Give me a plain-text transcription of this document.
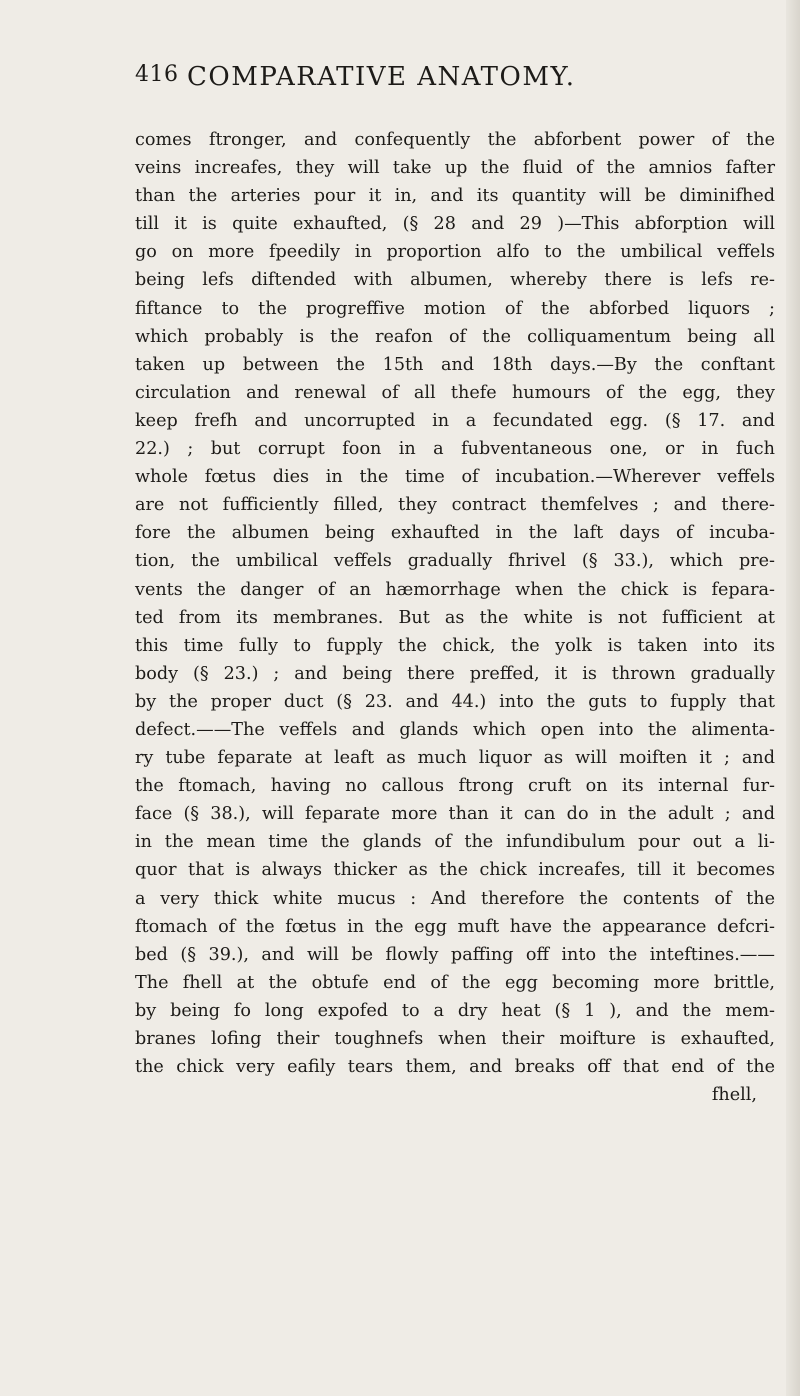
416 COMPARATIVE ANATOMY.
comes ftronger, and confequently the abforbent power of the
veins increafes, they will take up the fluid of the amnios fafter
than the arteries pour it in, and its quantity will be diminifhed
till it is quite exhaufted, (§ 28 and 29 )—This abforption will
go on more fpeedily in proportion alfo to the umbilical veffels
being lefs diftended with albumen, whereby there is lefs re-
fiftance to the progreffive motion of the abforbed liquors ;
which probably is the reafon of the colliquamentum being all
taken up between the 15th and 18th days.—By the conftant
circulation and renewal of all thefe humours of the egg, they
keep frefh and uncorrupted in a fecundated egg. (§ 17. and
22.) ; but corrupt foon in a fubventaneous one, or in fuch
whole fœtus dies in the time of incubation.—Wherever veffels
are not fufficiently filled, they contract themfelves ; and there-
fore the albumen being exhaufted in the laft days of incuba-
tion, the umbilical veffels gradually fhrivel (§ 33.), which pre-
vents the danger of an hæmorrhage when the chick is fepara-
ted from its membranes. But as the white is not fufficient at
this time fully to fupply the chick, the yolk is taken into its
body (§ 23.) ; and being there preffed, it is thrown gradually
by the proper duct (§ 23. and 44.) into the guts to fupply that
defect.——The veffels and glands which open into the alimenta-
ry tube feparate at leaft as much liquor as will moiften it ; and
the ftomach, having no callous ftrong cruft on its internal fur-
face (§ 38.), will feparate more than it can do in the adult ; and
in the mean time the glands of the infundibulum pour out a li-
quor that is always thicker as the chick increafes, till it becomes
a very thick white mucus : And therefore the contents of the
ftomach of the fœtus in the egg muft have the appearance defcri-
bed (§ 39.), and will be flowly paffing off into the inteftines.——
The fhell at the obtufe end of the egg becoming more brittle,
by being fo long expofed to a dry heat (§ 1 ), and the mem-
branes lofing their toughnefs when their moifture is exhaufted,
the chick very eafily tears them, and breaks off that end of the
fhell,
